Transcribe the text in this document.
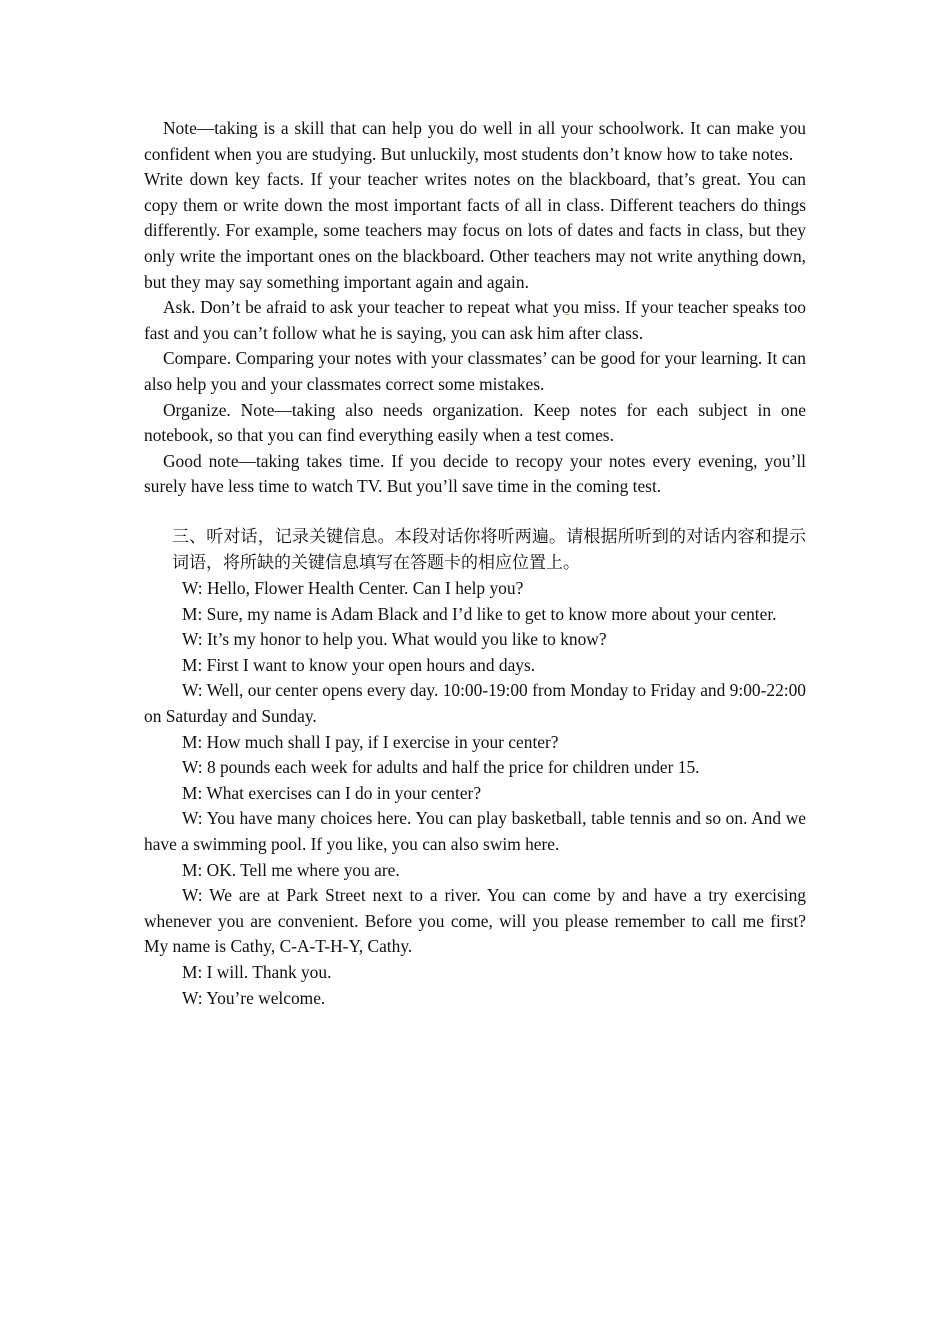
Note—taking is a skill that can help you do well in all your schoolwork. It can make you confident when you are studying. But unluckily, most students don’t know how to take notes.

Write down key facts. If your teacher writes notes on the blackboard, that’s great. You can copy them or write down the most important facts of all in class. Different teachers do things differently. For example, some teachers may focus on lots of dates and facts in class, but they only write the important ones on the blackboard. Other teachers may not write anything down, but they may say something important again and again.

Ask. Don’t be afraid to ask your teacher to repeat what you miss. If your teacher speaks too fast and you can’t follow what he is saying, you can ask him after class.

Compare. Comparing your notes with your classmates’ can be good for your learning. It can also help you and your classmates correct some mistakes.

Organize. Note—taking also needs organization. Keep notes for each subject in one notebook, so that you can find everything easily when a test comes.

Good note—taking takes time. If you decide to recopy your notes every evening, you’ll surely have less time to watch TV. But you’ll save time in the coming test.

三、听对话，记录关键信息。本段对话你将听两遍。请根据所听到的对话内容和提示词语，将所缺的关键信息填写在答题卡的相应位置上。

W: Hello, Flower Health Center. Can I help you?

M: Sure, my name is Adam Black and I’d like to get to know more about your center.

W: It’s my honor to help you. What would you like to know?

M: First I want to know your open hours and days.

W: Well, our center opens every day. 10:00-19:00 from Monday to Friday and 9:00-22:00 on Saturday and Sunday.

M: How much shall I pay, if I exercise in your center?

W: 8 pounds each week for adults and half the price for children under 15.

M: What exercises can I do in your center?

W: You have many choices here. You can play basketball, table tennis and so on. And we have a swimming pool. If you like, you can also swim here.

M: OK. Tell me where you are.

W: We are at Park Street next to a river. You can come by and have a try exercising whenever you are convenient. Before you come, will you please remember to call me first? My name is Cathy, C-A-T-H-Y, Cathy.

M: I will. Thank you.

W: You’re welcome.
